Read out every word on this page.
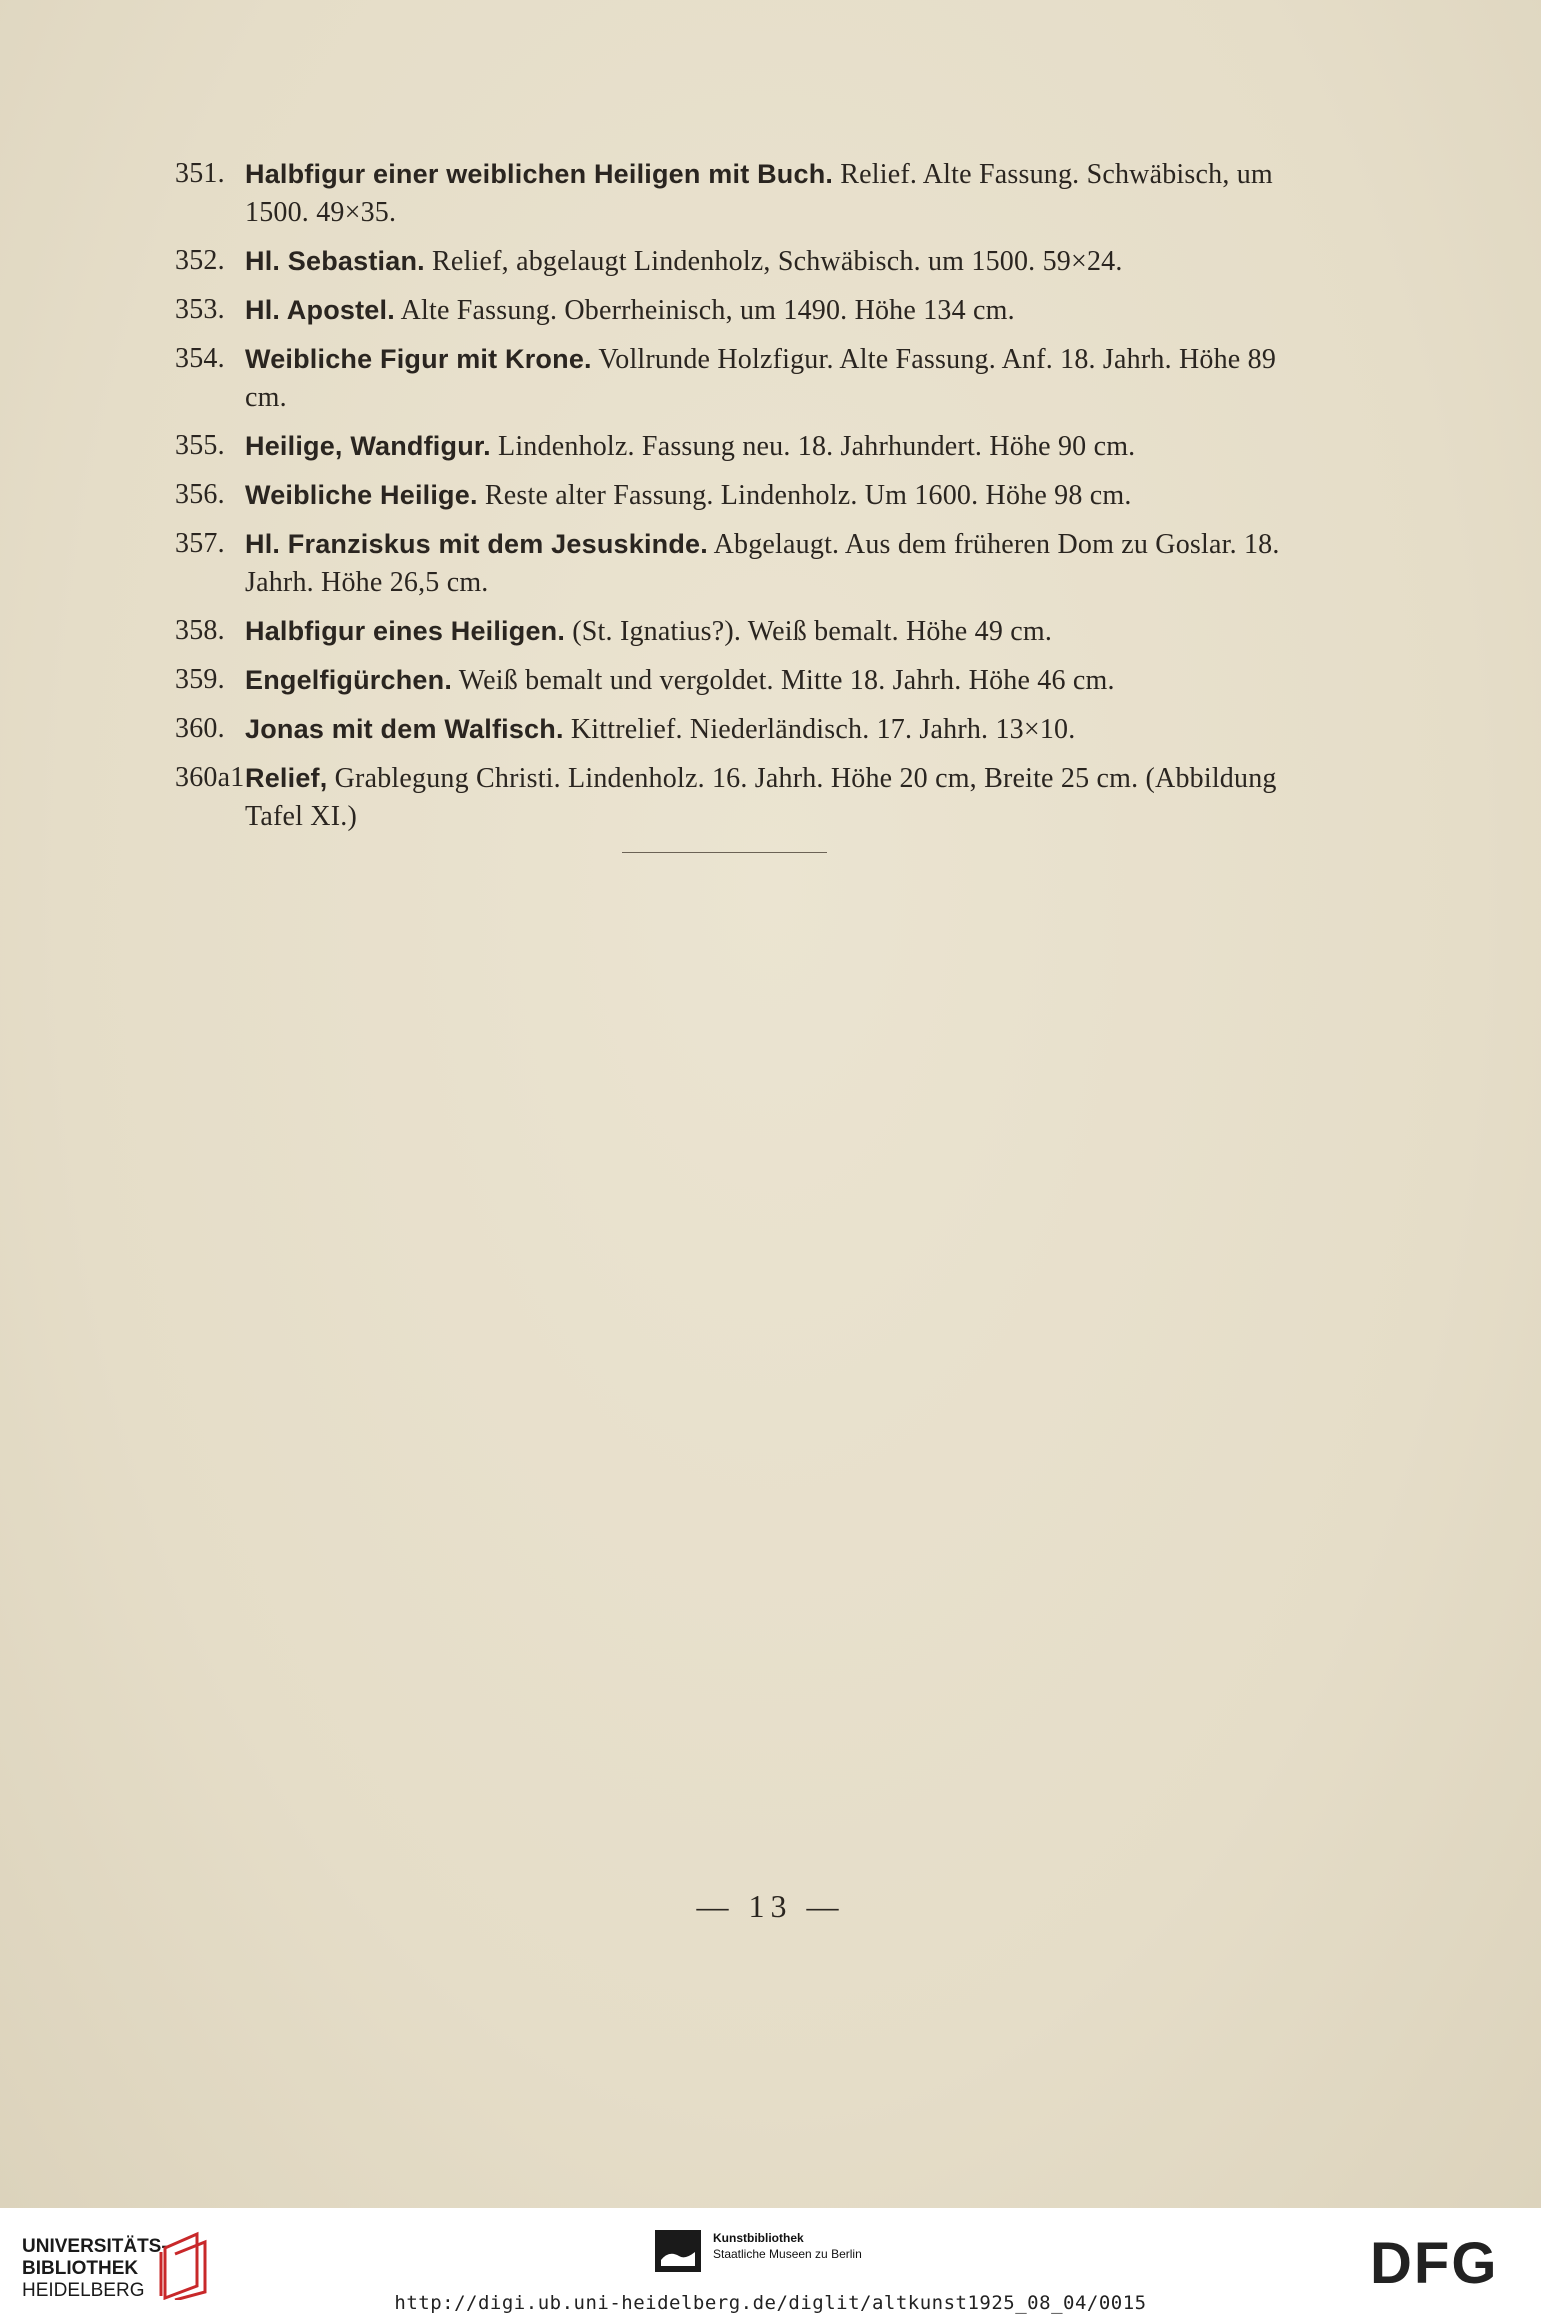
351. Halbfigur einer weiblichen Heiligen mit Buch. Relief. Alte Fassung. Schwäbisch, um 1500. 49×35.
352. Hl. Sebastian. Relief, abgelaugt Lindenholz, Schwäbisch. um 1500. 59×24.
353. Hl. Apostel. Alte Fassung. Oberrheinisch, um 1490. Höhe 134 cm.
354. Weibliche Figur mit Krone. Vollrunde Holzfigur. Alte Fassung. Anf. 18. Jahrh. Höhe 89 cm.
355. Heilige, Wandfigur. Lindenholz. Fassung neu. 18. Jahrhundert. Höhe 90 cm.
356. Weibliche Heilige. Reste alter Fassung. Lindenholz. Um 1600. Höhe 98 cm.
357. Hl. Franziskus mit dem Jesuskinde. Abgelaugt. Aus dem früheren Dom zu Goslar. 18. Jahrh. Höhe 26,5 cm.
358. Halbfigur eines Heiligen. (St. Ignatius?). Weiß bemalt. Höhe 49 cm.
359. Engelfigürchen. Weiß bemalt und vergoldet. Mitte 18. Jahrh. Höhe 46 cm.
360. Jonas mit dem Walfisch. Kittrelief. Niederländisch. 17. Jahrh. 13×10.
360a1 Relief, Grablegung Christi. Lindenholz. 16. Jahrh. Höhe 20 cm, Breite 25 cm. (Abbildung Tafel XI.)
— 13 —
UNIVERSITÄTS-
BIBLIOTHEK
HEIDELBERG
Kunstbibliothek
Staatliche Museen zu Berlin	DFG
http://digi.ub.uni-heidelberg.de/diglit/altkunst1925_08_04/0015
